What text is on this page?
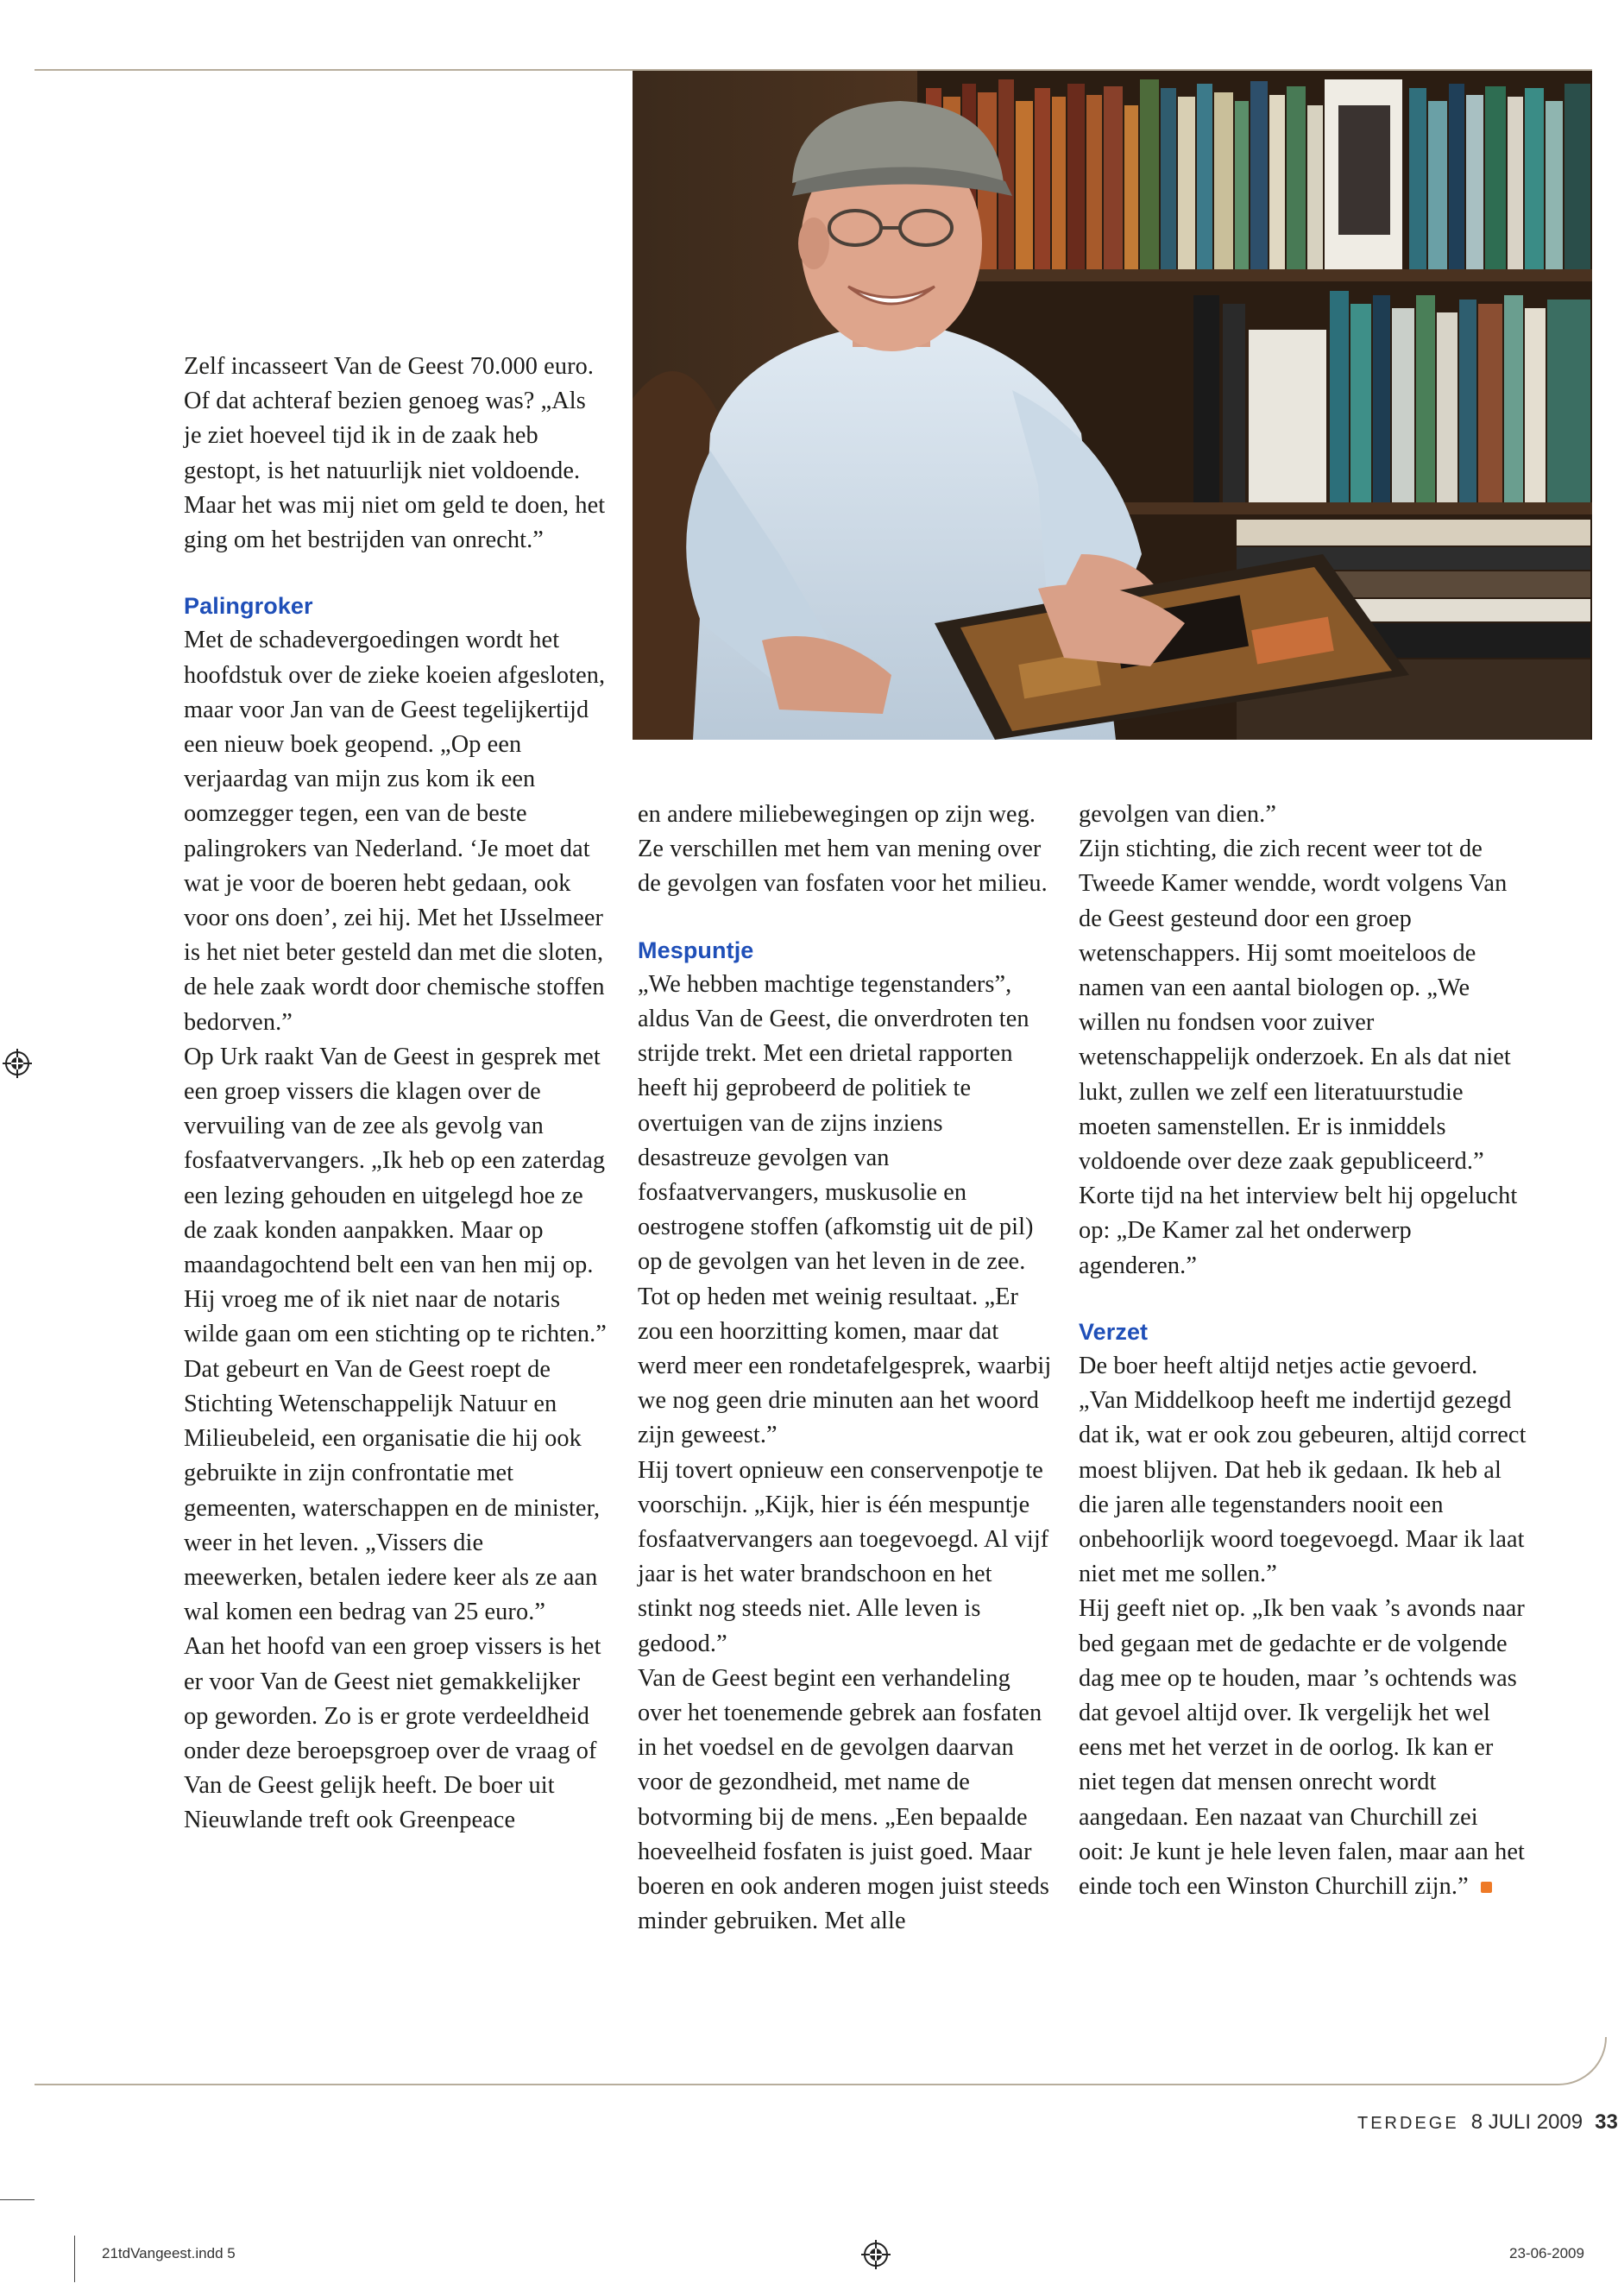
Zelf incasseert Van de Geest 70.000 euro. Of dat achteraf bezien genoeg was? „Als je ziet hoeveel tijd ik in de zaak heb gestopt, is het natuurlijk niet voldoende. Maar het was mij niet om geld te doen, het ging om het bestrijden van onrecht.”

Palingroker

Met de schadevergoedingen wordt het hoofdstuk over de zieke koeien afgesloten, maar voor Jan van de Geest tegelijkertijd een nieuw boek geopend. „Op een verjaardag van mijn zus kom ik een oomzegger tegen, een van de beste palingrokers van Nederland. ‘Je moet dat wat je voor de boeren hebt gedaan, ook voor ons doen’, zei hij. Met het IJsselmeer is het niet beter gesteld dan met die sloten, de hele zaak wordt door chemische stoffen bedorven.”

Op Urk raakt Van de Geest in gesprek met een groep vissers die klagen over de vervuiling van de zee als gevolg van fosfaatvervangers. „Ik heb op een zaterdag een lezing gehouden en uitgelegd hoe ze de zaak konden aanpakken. Maar op maandagochtend belt een van hen mij op. Hij vroeg me of ik niet naar de notaris wilde gaan om een stichting op te richten.”

Dat gebeurt en Van de Geest roept de Stichting Wetenschappelijk Natuur en Milieubeleid, een organisatie die hij ook gebruikte in zijn confrontatie met gemeenten, waterschappen en de minister, weer in het leven. „Vissers die meewerken, betalen iedere keer als ze aan wal komen een bedrag van 25 euro.”

Aan het hoofd van een groep vissers is het er voor Van de Geest niet gemakkelijker op geworden. Zo is er grote verdeeldheid onder deze beroepsgroep over de vraag of Van de Geest gelijk heeft. De boer uit Nieuwlande treft ook Greenpeace

en andere miliebewegingen op zijn weg. Ze verschillen met hem van mening over de gevolgen van fosfaten voor het milieu.

Mespuntje

„We hebben machtige tegenstanders”, aldus Van de Geest, die onverdroten ten strijde trekt. Met een drietal rapporten heeft hij geprobeerd de politiek te overtuigen van de zijns inziens desastreuze gevolgen van fosfaatvervangers, muskusolie en oestrogene stoffen (afkomstig uit de pil) op de gevolgen van het leven in de zee. Tot op heden met weinig resultaat. „Er zou een hoorzitting komen, maar dat werd meer een rondetafelgesprek, waarbij we nog geen drie minuten aan het woord zijn geweest.”

Hij tovert opnieuw een conservenpotje te voorschijn. „Kijk, hier is één mespuntje fosfaatvervangers aan toegevoegd. Al vijf jaar is het water brandschoon en het stinkt nog steeds niet. Alle leven is gedood.”

Van de Geest begint een verhandeling over het toenemende gebrek aan fosfaten in het voedsel en de gevolgen daarvan voor de gezondheid, met name de botvorming bij de mens. „Een bepaalde hoeveelheid fosfaten is juist goed. Maar boeren en ook anderen mogen juist steeds minder gebruiken. Met alle

gevolgen van dien.”

Zijn stichting, die zich recent weer tot de Tweede Kamer wendde, wordt volgens Van de Geest gesteund door een groep wetenschappers. Hij somt moeiteloos de namen van een aantal biologen op. „We willen nu fondsen voor zuiver wetenschappelijk onderzoek. En als dat niet lukt, zullen we zelf een literatuurstudie moeten samenstellen. Er is inmiddels voldoende over deze zaak gepubliceerd.” Korte tijd na het interview belt hij opgelucht op: „De Kamer zal het onderwerp agenderen.”

Verzet

De boer heeft altijd netjes actie gevoerd. „Van Middelkoop heeft me indertijd gezegd dat ik, wat er ook zou gebeuren, altijd correct moest blijven. Dat heb ik gedaan. Ik heb al die jaren alle tegenstanders nooit een onbehoorlijk woord toegevoegd. Maar ik laat niet met me sollen.”

Hij geeft niet op. „Ik ben vaak ’s avonds naar bed gegaan met de gedachte er de volgende dag mee op te houden, maar ’s ochtends was dat gevoel altijd over. Ik vergelijk het wel eens met het verzet in de oorlog. Ik kan er niet tegen dat mensen onrecht wordt aangedaan. Een nazaat van Churchill zei ooit: Je kunt je hele leven falen, maar aan het einde toch een Winston Churchill zijn.”

TERDEGE 8 JULI 2009 33
21tdVangeest.indd 5	23-06-2009
